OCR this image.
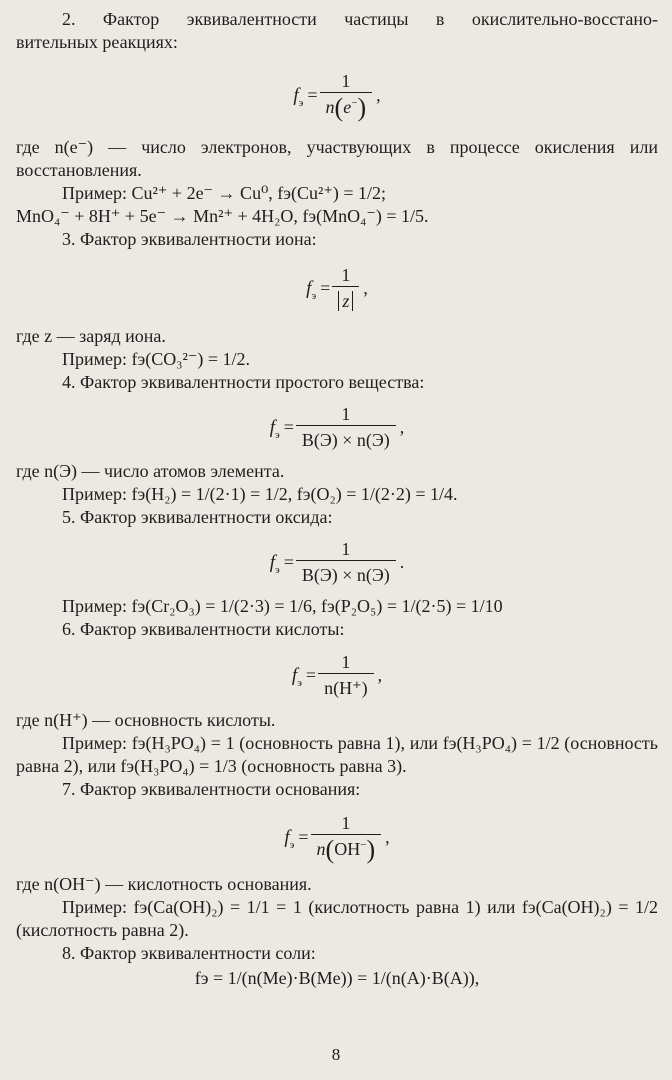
2. Фактор эквивалентности частицы в окислительно-восстано-

вительных реакциях:

$f_э = \frac{1}{n(e^-)}$ ,

где n(e⁻) — число электронов, участвующих в процессе окисления или восстановления.

Пример: Cu²⁺ + 2e⁻ → Cu⁰, fэ(Cu²⁺) = 1/2;

MnO₄⁻ + 8H⁺ + 5e⁻ → Mn²⁺ + 4H₂O, fэ(MnO₄⁻) = 1/5.

3. Фактор эквивалентности иона:

$f_э = \frac{1}{z}$ ,

где z — заряд иона.

Пример: fэ(CO₃²⁻) = 1/2.

4. Фактор эквивалентности простого вещества:

$f_э = \frac{1}{B(Э) \times n(Э)}$ ,

где n(Э) — число атомов элемента.

Пример: fэ(H₂) = 1/(2·1) = 1/2, fэ(O₂) = 1/(2·2) = 1/4.

5. Фактор эквивалентности оксида:

$f_э = \frac{1}{B(Э) \times n(Э)}$ .

Пример: fэ(Cr₂O₃) = 1/(2·3) = 1/6, fэ(P₂O₅) = 1/(2·5) = 1/10

6. Фактор эквивалентности кислоты:

$f_э = \frac{1}{n(H^+)}$ ,

где n(H⁺) — основность кислоты.

Пример: fэ(H₃PO₄) = 1 (основность равна 1), или fэ(H₃PO₄) = 1/2 (основность равна 2), или fэ(H₃PO₄) = 1/3 (основность равна 3).

7. Фактор эквивалентности основания:

$f_э = \frac{1}{n(OH^-)}$ ,

где n(OH⁻) — кислотность основания.

Пример: fэ(Ca(OH)₂) = 1/1 = 1 (кислотность равна 1) или fэ(Ca(OH)₂) = 1/2 (кислотность равна 2).

8. Фактор эквивалентности соли:

fэ = 1/(n(Me)·B(Me)) = 1/(n(A)·B(A)),

8
